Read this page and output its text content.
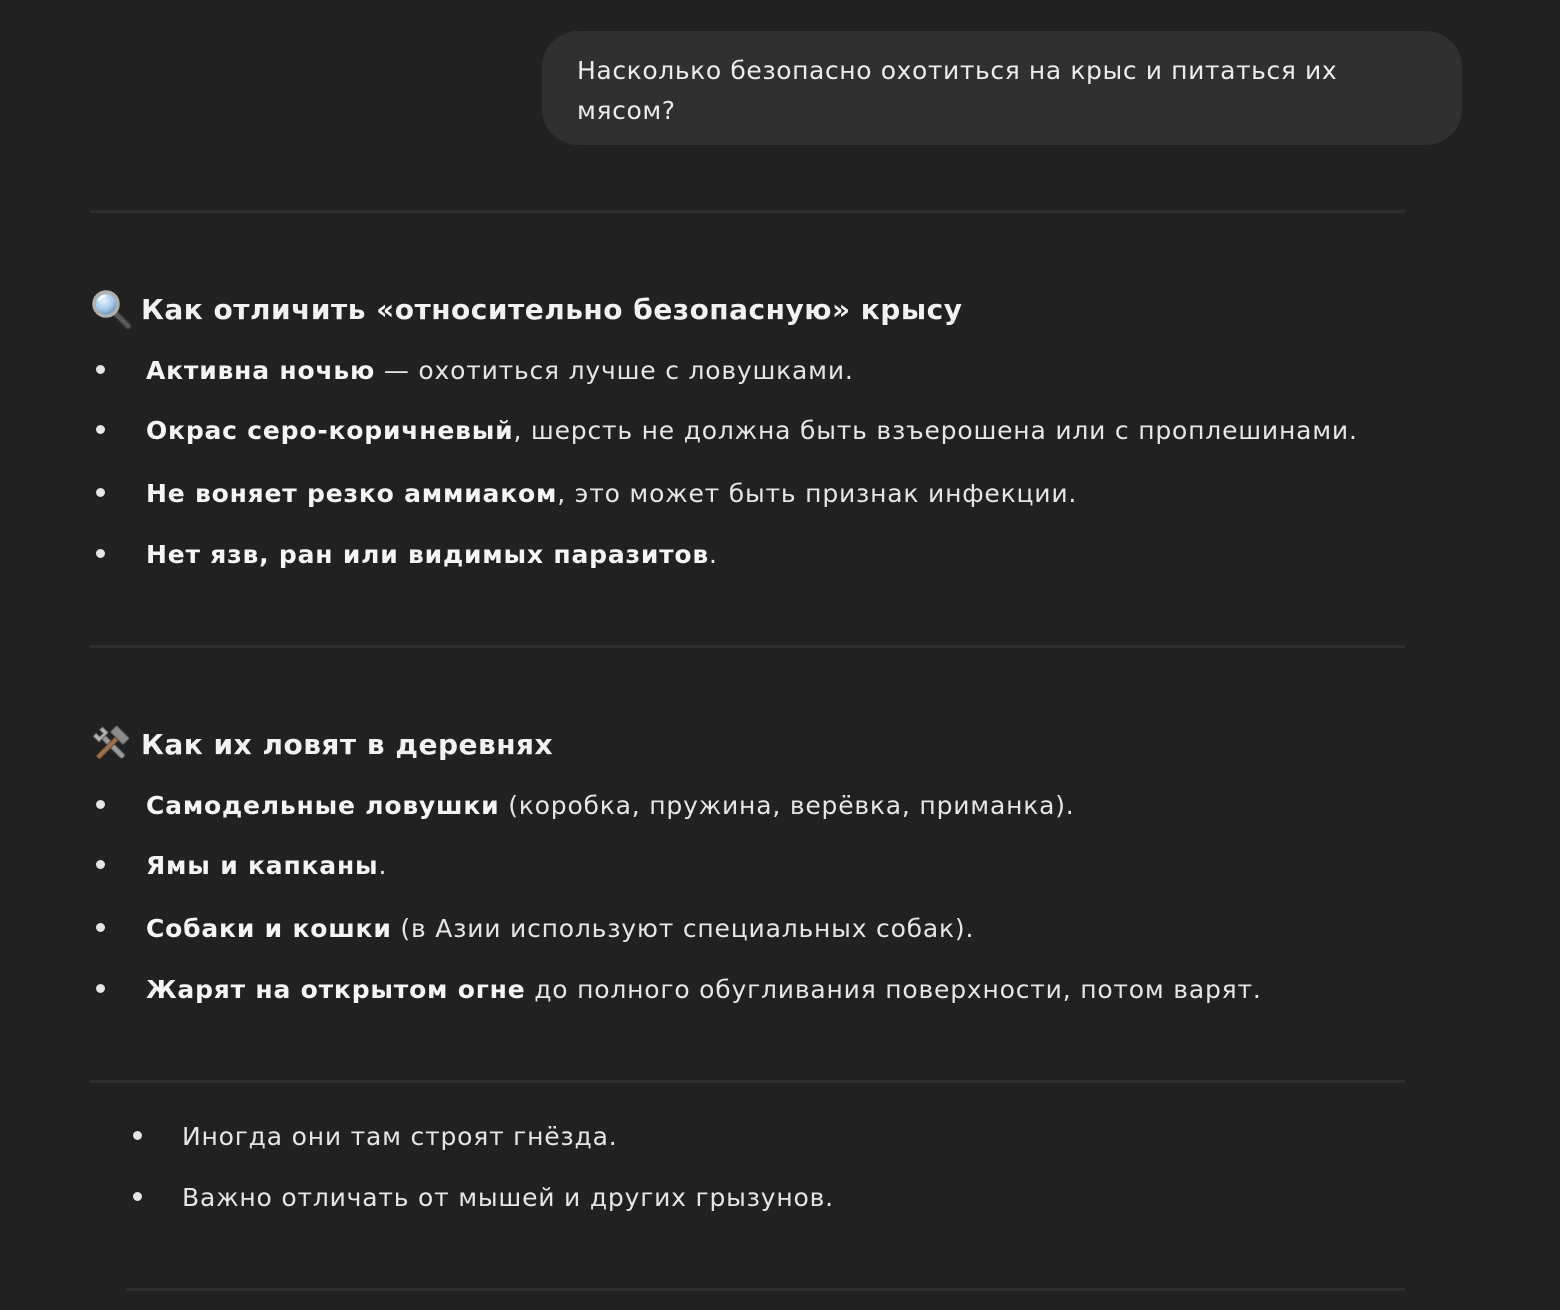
Насколько безопасно охотиться на крыс и питаться их мясом?
Как отличить «относительно безопасную» крысу
Активна ночью — охотиться лучше с ловушками.
Окрас серо-коричневый, шерсть не должна быть взъерошена или с проплешинами.
Не воняет резко аммиаком, это может быть признак инфекции.
Нет язв, ран или видимых паразитов.
Как их ловят в деревнях
Самодельные ловушки (коробка, пружина, верёвка, приманка).
Ямы и капканы.
Собаки и кошки (в Азии используют специальных собак).
Жарят на открытом огне до полного обугливания поверхности, потом варят.
Иногда они там строят гнёзда.
Важно отличать от мышей и других грызунов.
